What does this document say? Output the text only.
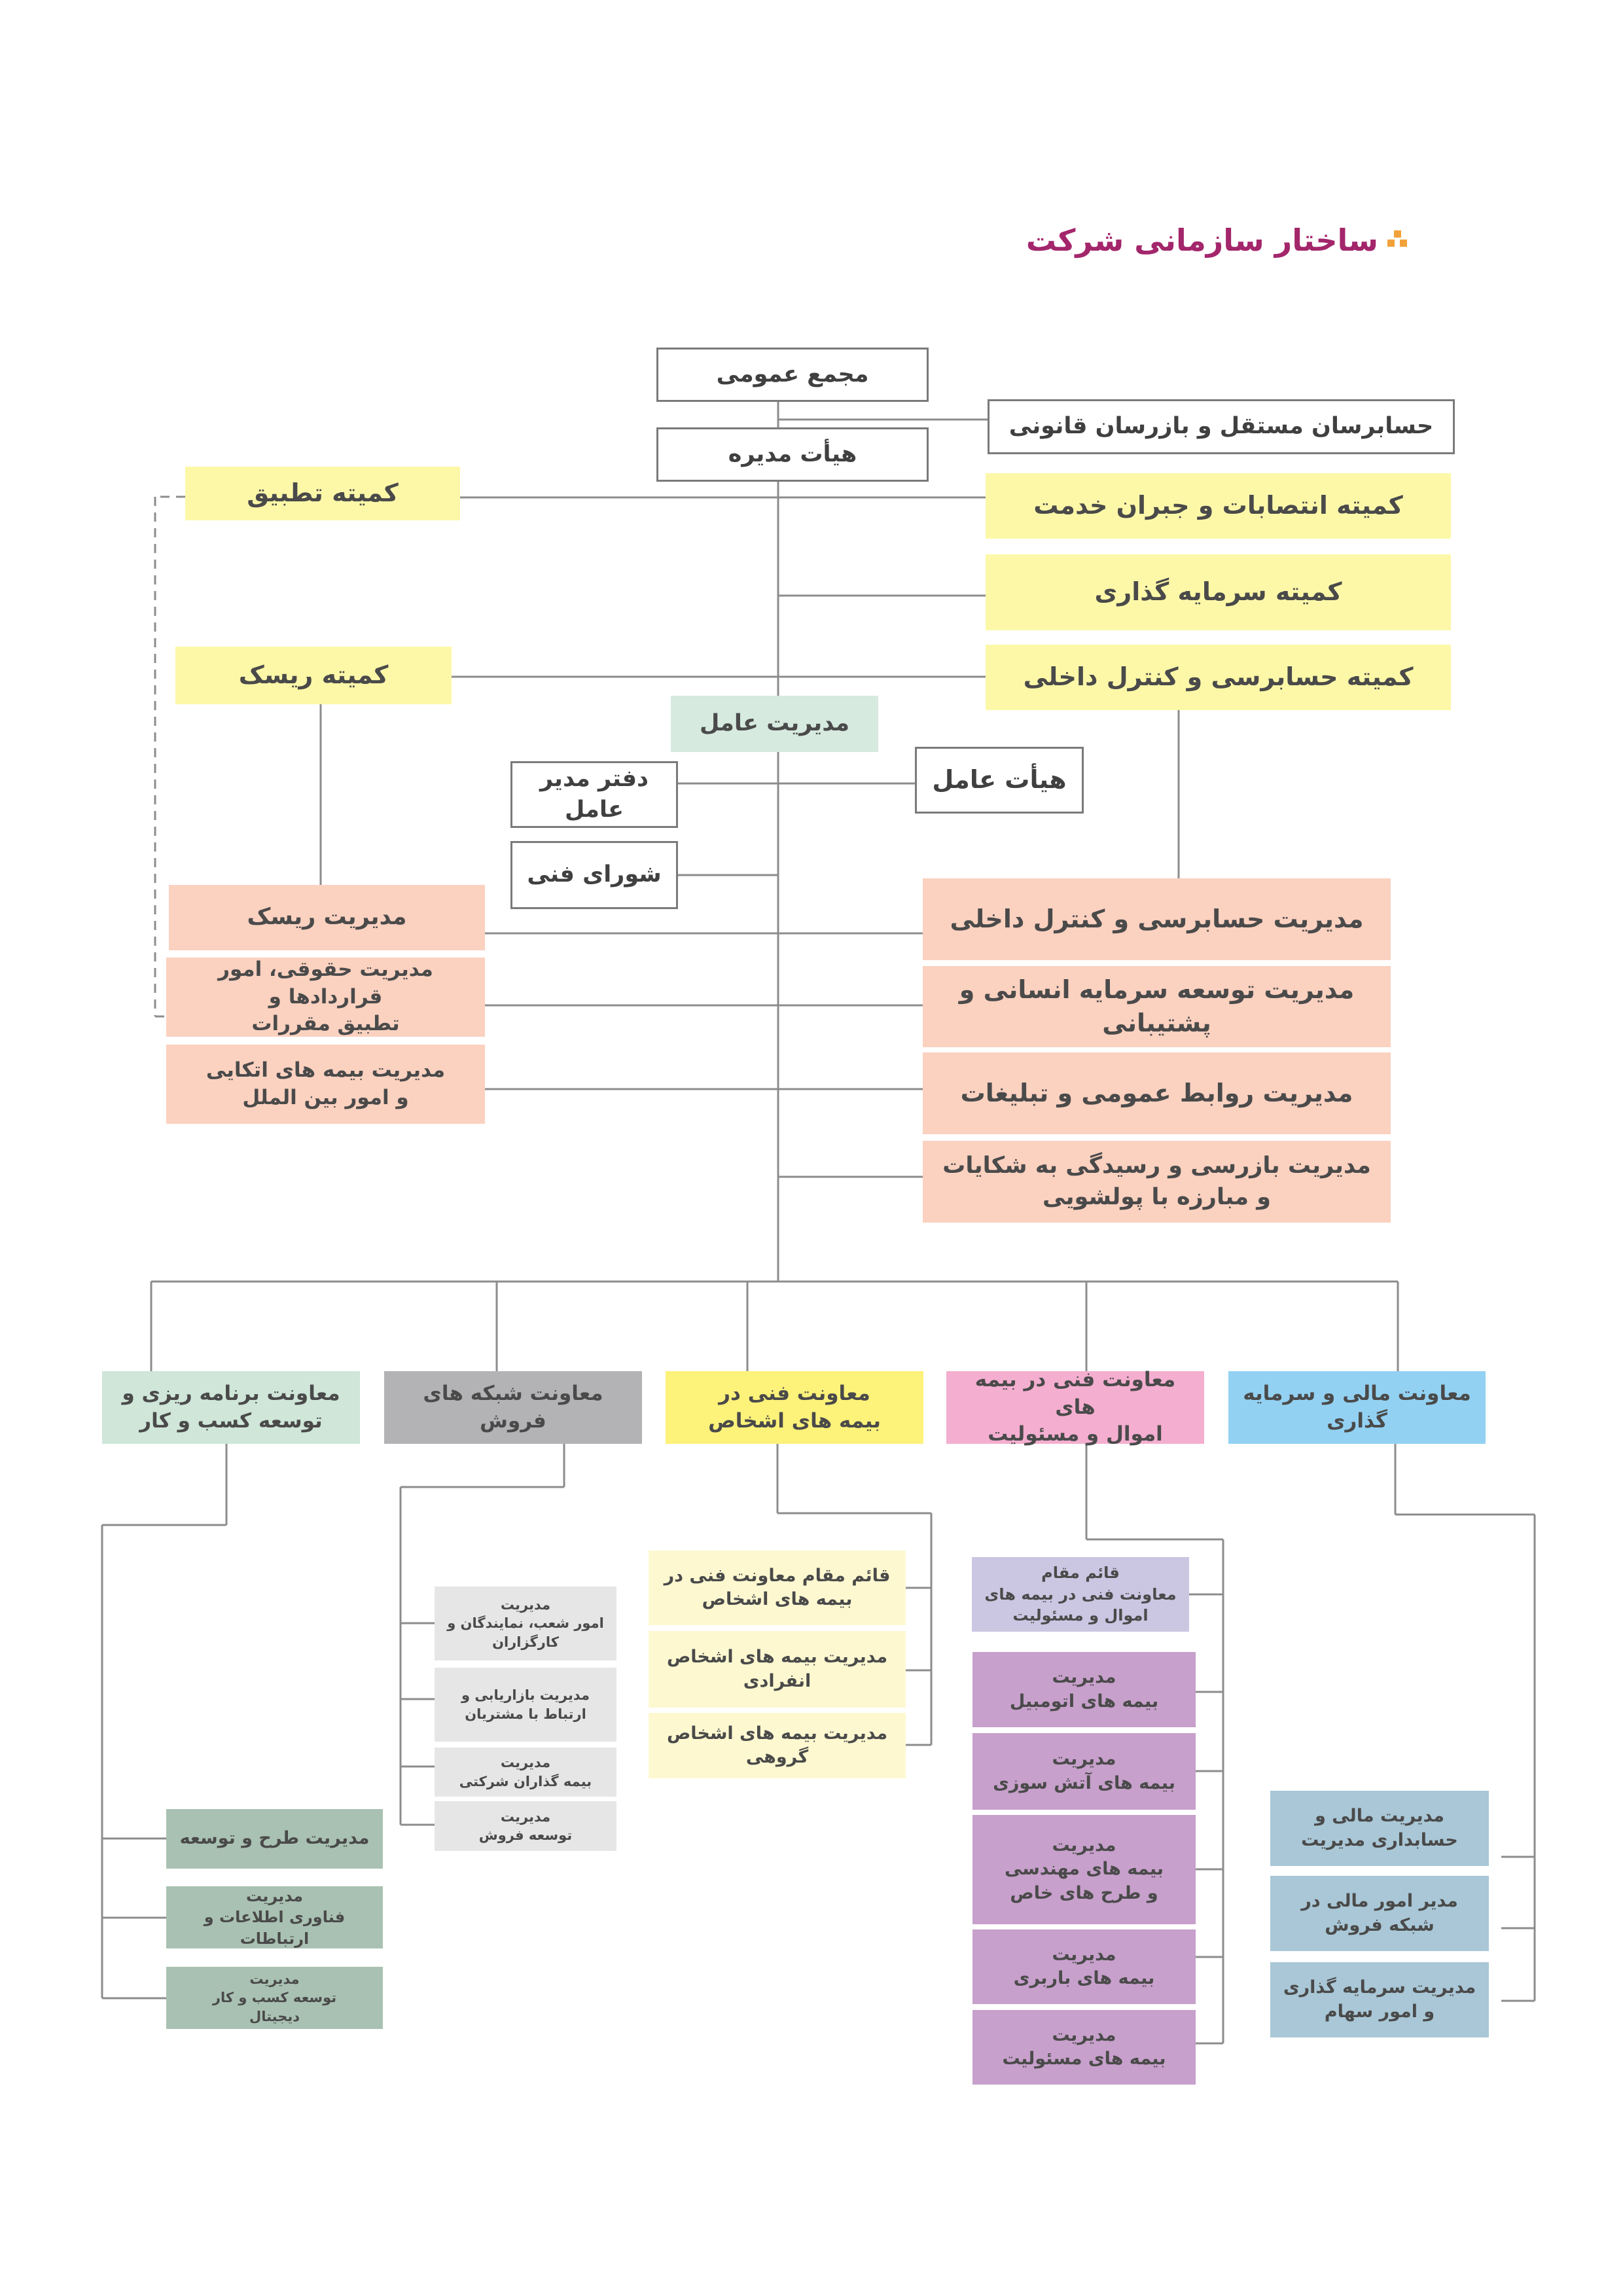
ساختار سازمانی شرکت
مجمع عمومی
هیأت مدیره
حسابرسان مستقل و بازرسان قانونی
کمیته تطبیق
کمیته ریسک
کمیته انتصابات و جبران خدمت
کمیته سرمایه گذاری
کمیته حسابرسی و کنترل داخلی
مدیریت عامل
هیأت عامل
دفتر مدیر عامل
شورای فنی
مدیریت ریسک
مدیریت حقوقی، امور قراردادها و
تطبیق مقررات
مدیریت بیمه های اتکایی
و امور بین الملل
مدیریت حسابرسی و کنترل داخلی
مدیریت توسعه سرمایه انسانی و پشتیبانی
مدیریت روابط عمومی و تبلیغات
مدیریت بازرسی و رسیدگی به شکایات
و مبارزه با پولشویی
معاونت برنامه ریزی و
توسعه کسب و کار
معاونت شبکه های فروش
معاونت فنی در
بیمه های اشخاص
معاونت فنی در بیمه های
اموال و مسئولیت
معاونت مالی و سرمایه گذاری
مدیریت طرح و توسعه
مدیریت
فناوری اطلاعات و ارتباطات
مدیریت
توسعه کسب و کار
دیجیتال
مدیریت
امور شعب، نمایندگان و
کارگزاران
مدیریت بازاریابی و
ارتباط با مشتریان
مدیریت
بیمه گذاران شرکتی
مدیریت
توسعه فروش
قائم مقام معاونت فنی در
بیمه های اشخاص
مدیریت بیمه های اشخاص
انفرادی
مدیریت بیمه های اشخاص
گروهی
قائم مقام
معاونت فنی در بیمه های
اموال و مسئولیت
مدیریت
بیمه های اتومبیل
مدیریت
بیمه های آتش سوزی
مدیریت
بیمه های مهندسی
و طرح های خاص
مدیریت
بیمه های باربری
مدیریت
بیمه های مسئولیت
مدیریت مالی و
حسابداری مدیریت
مدیر امور مالی در
شبکه فروش
مدیریت سرمایه گذاری
و امور سهام
